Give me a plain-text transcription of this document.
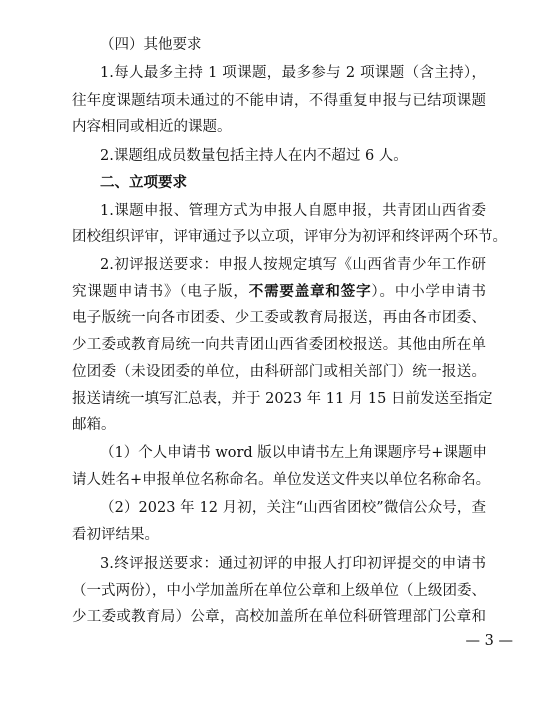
（四）其他要求
1.每人最多主持 1 项课题，最多参与 2 项课题（含主持），
往年度课题结项未通过的不能申请，不得重复申报与已结项课题
内容相同或相近的课题。
2.课题组成员数量包括主持人在内不超过 6 人。
二、立项要求
1.课题申报、管理方式为申报人自愿申报，共青团山西省委
团校组织评审，评审通过予以立项，评审分为初评和终评两个环节。
2.初评报送要求：申报人按规定填写《山西省青少年工作研
究课题申请书》（电子版，不需要盖章和签字）。中小学申请书
电子版统一向各市团委、少工委或教育局报送，再由各市团委、
少工委或教育局统一向共青团山西省委团校报送。其他由所在单
位团委（未设团委的单位，由科研部门或相关部门）统一报送。
报送请统一填写汇总表，并于 2023 年 11 月 15 日前发送至指定
邮箱。
（1）个人申请书 word 版以申请书左上角课题序号+课题申
请人姓名+申报单位名称命名。单位发送文件夹以单位名称命名。
（2）2023 年 12 月初，关注“山西省团校”微信公众号，查
看初评结果。
3.终评报送要求：通过初评的申报人打印初评提交的申请书
（一式两份），中小学加盖所在单位公章和上级单位（上级团委、
少工委或教育局）公章，高校加盖所在单位科研管理部门公章和
— 3 —
